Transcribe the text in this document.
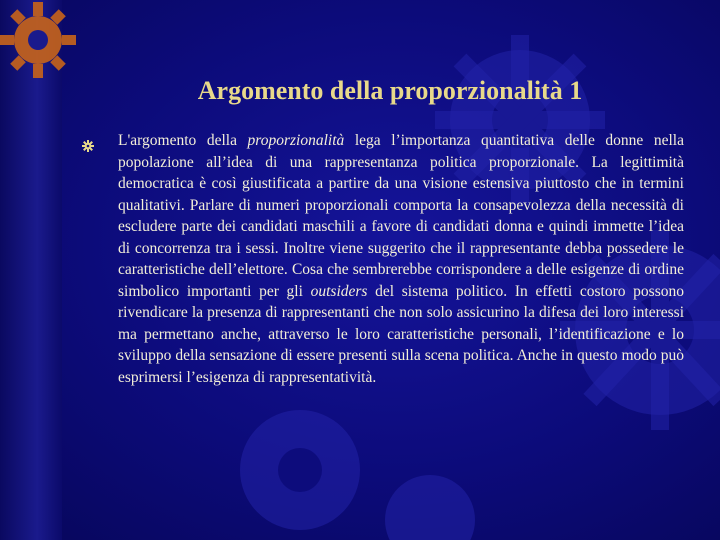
Argomento della proporzionalità 1
L'argomento della proporzionalità lega l’importanza quantitativa delle donne nella popolazione all’idea di una rappresentanza politica proporzionale. La legittimità democratica è così giustificata a partire da una visione estensiva piuttosto che in termini qualitativi. Parlare di numeri proporzionali comporta la consapevolezza della necessità di escludere parte dei candidati maschili a favore di candidati donna e quindi immette l’idea di concorrenza tra i sessi. Inoltre viene suggerito che il rappresentante debba possedere le caratteristiche dell’elettore. Cosa che sembrerebbe corrispondere a delle esigenze di ordine simbolico importanti per gli outsiders del sistema politico. In effetti costoro possono rivendicare la presenza di rappresentanti che non solo assicurino la difesa dei loro interessi ma permettano anche, attraverso le loro caratteristiche personali, l’identificazione e lo sviluppo della sensazione di essere presenti sulla scena politica. Anche in questo modo può esprimersi l’esigenza di rappresentatività.
